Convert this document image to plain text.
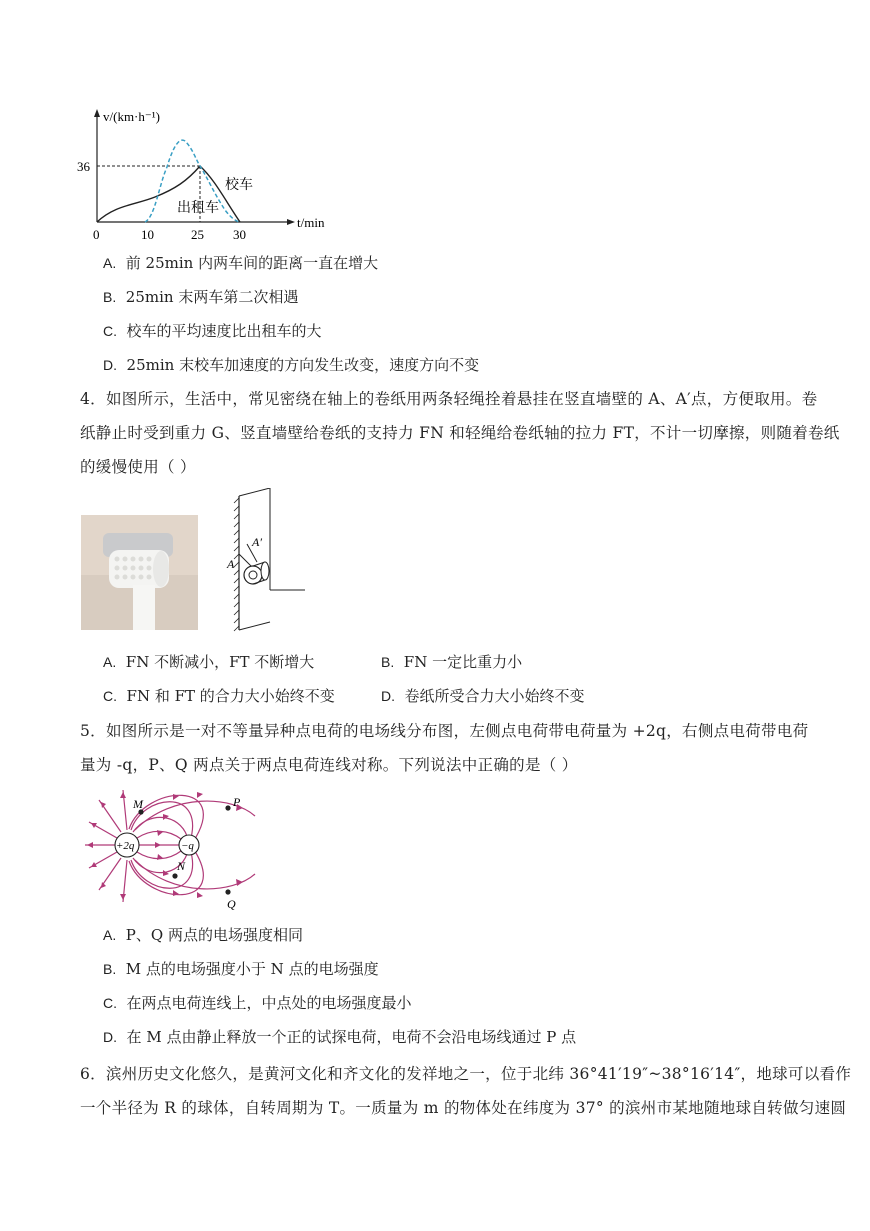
v/(km·h⁻¹)
t/min
36
0	10	25 30
校车
出租车
A. 前 25min 内两车间的距离一直在增大
B. 25min 末两车第二次相遇
C. 校车的平均速度比出租车的大
D. 25min 末校车加速度的方向发生改变，速度方向不变
4．如图所示，生活中，常见密绕在轴上的卷纸用两条轻绳拴着悬挂在竖直墙壁的 A、A′点，方便取用。卷
纸静止时受到重力 G、竖直墙壁给卷纸的支持力 FN 和轻绳给卷纸轴的拉力 FT，不计一切摩擦，则随着卷纸
的缓慢使用（ ）
A
A′
A. FN 不断减小，FT 不断增大	B. FN 一定比重力小
C. FN 和 FT 的合力大小始终不变	D. 卷纸所受合力大小始终不变
5．如图所示是一对不等量异种点电荷的电场线分布图，左侧点电荷带电荷量为 +2q，右侧点电荷带电荷
量为 -q，P、Q 两点关于两点电荷连线对称。下列说法中正确的是（ ）
+2q	−q
M
N
P
Q
A. P、Q 两点的电场强度相同
B. M 点的电场强度小于 N 点的电场强度
C. 在两点电荷连线上，中点处的电场强度最小
D. 在 M 点由静止释放一个正的试探电荷，电荷不会沿电场线通过 P 点
6．滨州历史文化悠久，是黄河文化和齐文化的发祥地之一，位于北纬 36°41′19″~38°16′14″，地球可以看作
一个半径为 R 的球体，自转周期为 T。一质量为 m 的物体处在纬度为 37° 的滨州市某地随地球自转做匀速圆
